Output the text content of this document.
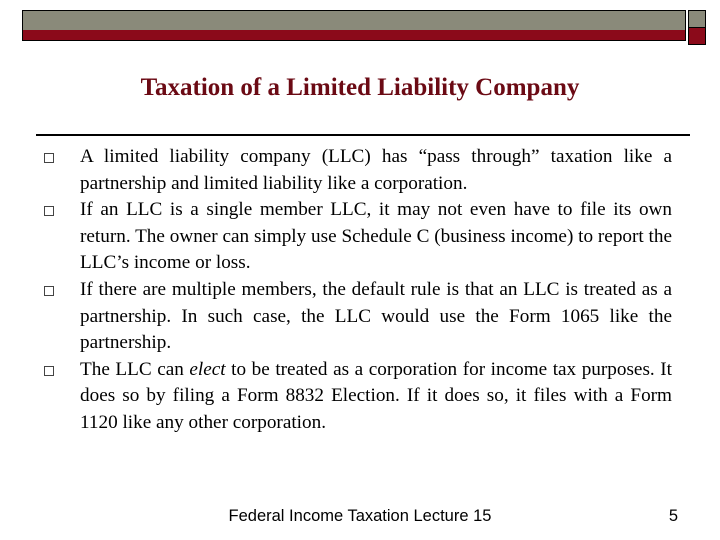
Taxation of a Limited Liability Company
A limited liability company (LLC) has “pass through” taxation like a partnership and limited liability like a corporation.
If an LLC is a single member LLC, it may not even have to file its own return. The owner can simply use Schedule C (business income) to report the LLC’s income or loss.
If there are multiple members, the default rule is that an LLC is treated as a partnership. In such case, the LLC would use the Form 1065 like the partnership.
The LLC can elect to be treated as a corporation for income tax purposes. It does so by filing a Form 8832 Election. If it does so, it files with a Form 1120 like any other corporation.
Federal Income Taxation Lecture 15	5
